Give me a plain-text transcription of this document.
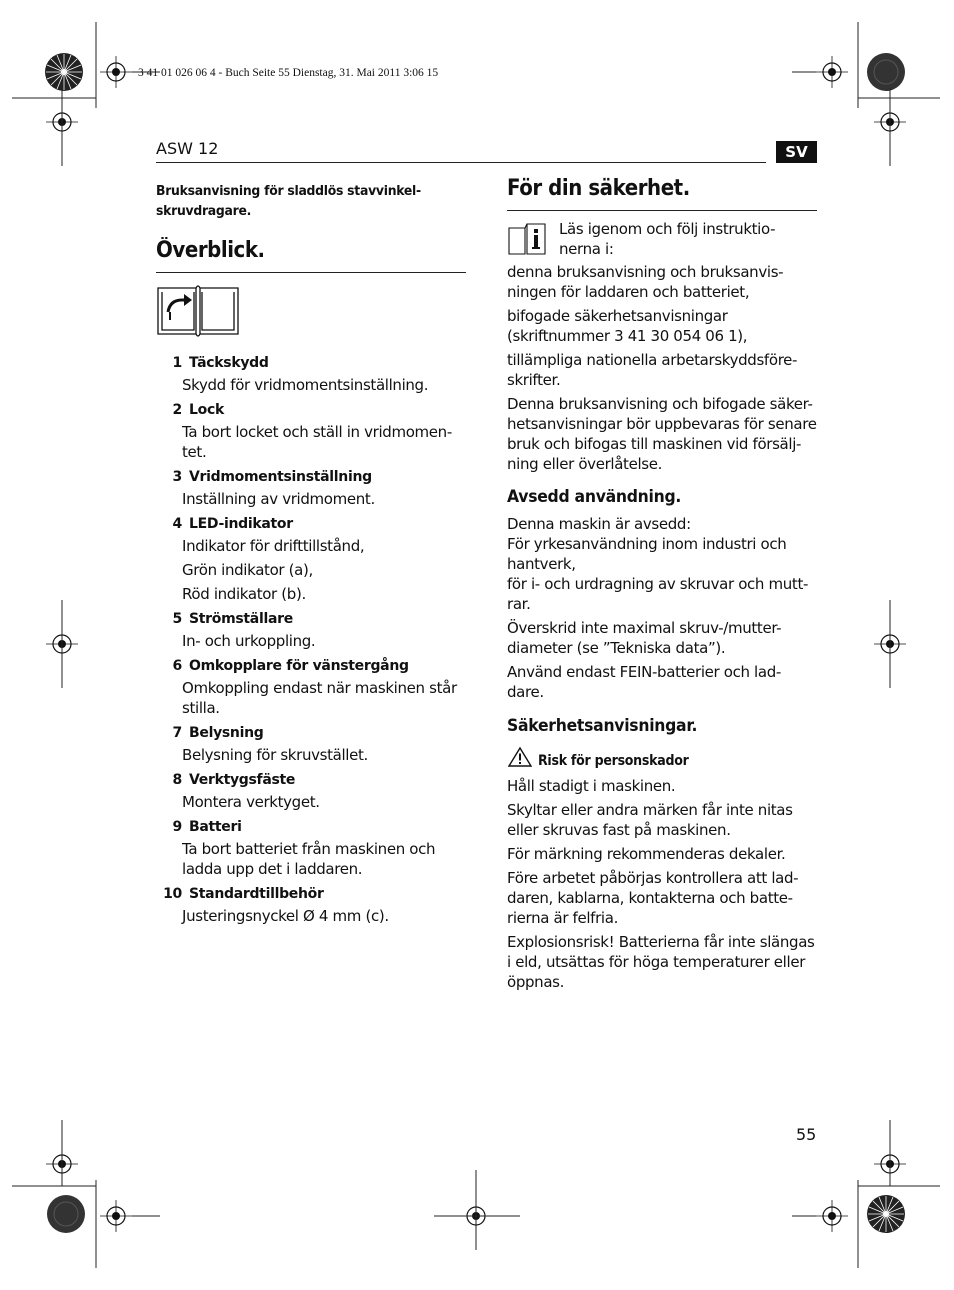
3 41 01 026 06 4 - Buch Seite 55 Dienstag, 31. Mai 2011 3:06 15
ASW 12	SV
Bruksanvisning för sladdlös stavvinkel-skruvdragare.
Överblick.
1 Täckskydd
Skydd för vridmomentsinställning.
2 Lock
Ta bort locket och ställ in vridmomen-
tet.
3 Vridmomentsinställning
Inställning av vridmoment.
4 LED-indikator
Indikator för drifttillstånd,
Grön indikator (a),
Röd indikator (b).
5 Strömställare
In- och urkoppling.
6 Omkopplare för vänstergång
Omkoppling endast när maskinen står
stilla.
7 Belysning
Belysning för skruvstället.
8 Verktygsfäste
Montera verktyget.
9 Batteri
Ta bort batteriet från maskinen och
ladda upp det i laddaren.
10 Standardtillbehör
Justeringsnyckel Ø 4 mm (c).
För din säkerhet.
Läs igenom och följ instruktio-
nerna i:
denna bruksanvisning och bruksanvis-
ningen för laddaren och batteriet,
bifogade säkerhetsanvisningar
(skriftnummer 3 41 30 054 06 1),
tillämpliga nationella arbetarskyddsföre-
skrifter.
Denna bruksanvisning och bifogade säker-
hetsanvisningar bör uppbevaras för senare
bruk och bifogas till maskinen vid försälj-
ning eller överlåtelse.
Avsedd användning.
Denna maskin är avsedd:
För yrkesanvändning inom industri och
hantverk,
för i- och urdragning av skruvar och mutt-
rar.
Överskrid inte maximal skruv-/mutter-
diameter (se ”Tekniska data”).
Använd endast FEIN-batterier och lad-
dare.
Säkerhetsanvisningar.
Risk för personskador
Håll stadigt i maskinen.
Skyltar eller andra märken får inte nitas
eller skruvas fast på maskinen.
För märkning rekommenderas dekaler.
Före arbetet påbörjas kontrollera att lad-
daren, kablarna, kontakterna och batte-
rierna är felfria.
Explosionsrisk! Batterierna får inte slängas
i eld, utsättas för höga temperaturer eller
öppnas.
55
